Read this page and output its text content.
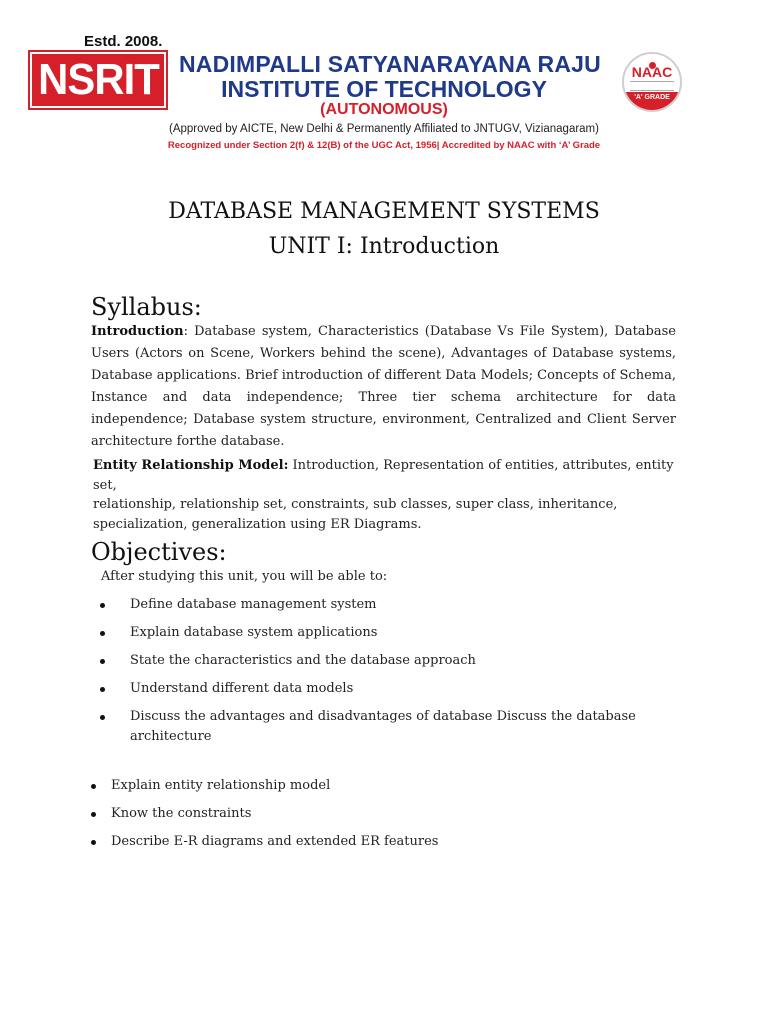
Estd. 2008.
NSRIT NADIMPALLI SATYANARAYANA RAJU
INSTITUTE OF TECHNOLOGY
(AUTONOMOUS)
(Approved by AICTE, New Delhi & Permanently Affiliated to JNTUGV, Vizianagaram)
Recognized under Section 2(f) & 12(B) of the UGC Act, 1956| Accredited by NAAC with ‘A’ Grade
NAAC
'A' GRADE
DATABASE MANAGEMENT SYSTEMS
UNIT I: Introduction
Syllabus:

Introduction: Database system, Characteristics (Database Vs File System), Database Users (Actors on Scene, Workers behind the scene), Advantages of Database systems, Database applications. Brief introduction of different Data Models; Concepts of Schema, Instance and data independence; Three tier schema architecture for data independence; Database system structure, environment, Centralized and Client Server architecture forthe database.

Entity Relationship Model: Introduction, Representation of entities, attributes, entity set,
relationship, relationship set, constraints, sub classes, super class, inheritance,
specialization, generalization using ER Diagrams.

Objectives:
After studying this unit, you will be able to:
Define database management system
Explain database system applications
State the characteristics and the database approach
Understand different data models
Discuss the advantages and disadvantages of database Discuss the database architecture
Explain entity relationship model
Know the constraints
Describe E-R diagrams and extended ER features
